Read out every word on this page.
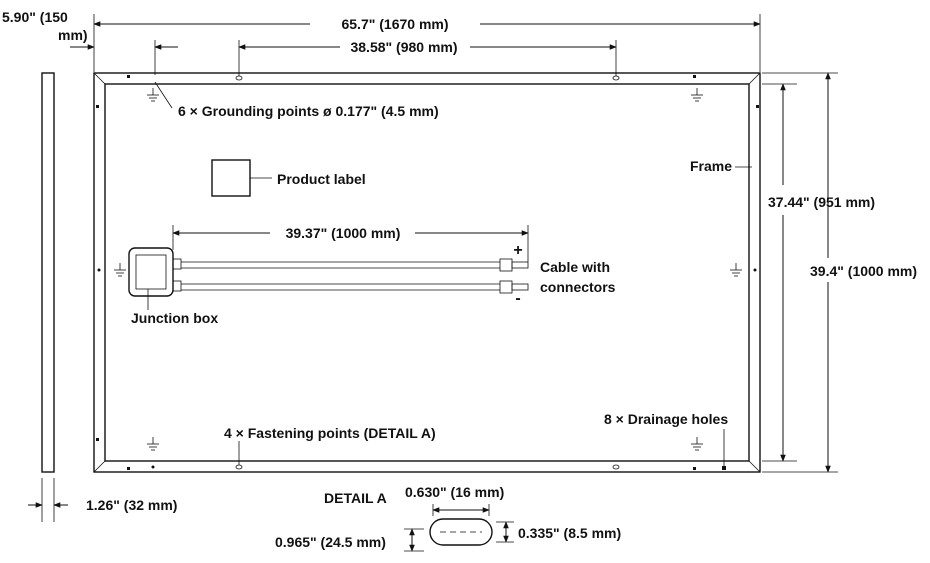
1.26" (32 mm)
5.90" (150
mm)
65.7" (1670 mm)
38.58" (980 mm)
6 × Grounding points ø 0.177" (4.5 mm)
Product label
Frame
37.44" (951 mm)
39.4" (1000 mm)
Junction box
+
-
Cable with
connectors
39.37" (1000 mm)
4 × Fastening points (DETAIL A)
8 × Drainage holes
DETAIL A 0.630" (16 mm)
0.335" (8.5 mm)
0.965" (24.5 mm)
